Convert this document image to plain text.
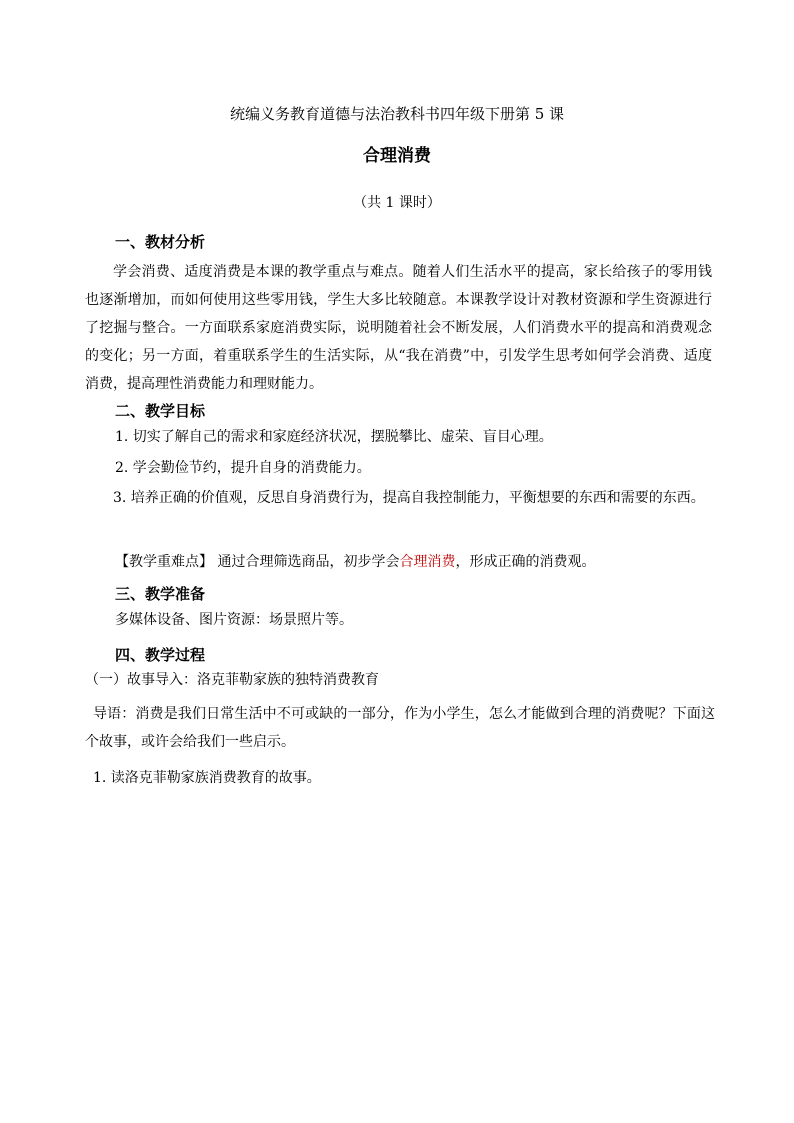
统编义务教育道德与法治教科书四年级下册第 5 课
合理消费
（共 1 课时）
一、教材分析
学会消费、适度消费是本课的教学重点与难点。随着人们生活水平的提高，家长给孩子的零用钱也逐渐增加，而如何使用这些零用钱，学生大多比较随意。本课教学设计对教材资源和学生资源进行了挖掘与整合。一方面联系家庭消费实际，说明随着社会不断发展，人们消费水平的提高和消费观念的变化；另一方面，着重联系学生的生活实际，从“我在消费”中，引发学生思考如何学会消费、适度消费，提高理性消费能力和理财能力。
二、教学目标
1. 切实了解自己的需求和家庭经济状况，摆脱攀比、虚荣、盲目心理。
2. 学会勤俭节约，提升自身的消费能力。
3. 培养正确的价值观，反思自身消费行为，提高自我控制能力，平衡想要的东西和需要的东西。
【教学重难点】 通过合理筛选商品，初步学会合理消费，形成正确的消费观。
三、教学准备
多媒体设备、图片资源：场景照片等。
四、教学过程
（一）故事导入：洛克菲勒家族的独特消费教育
导语：消费是我们日常生活中不可或缺的一部分，作为小学生，怎么才能做到合理的消费呢？下面这个故事，或许会给我们一些启示。
1. 读洛克菲勒家族消费教育的故事。
